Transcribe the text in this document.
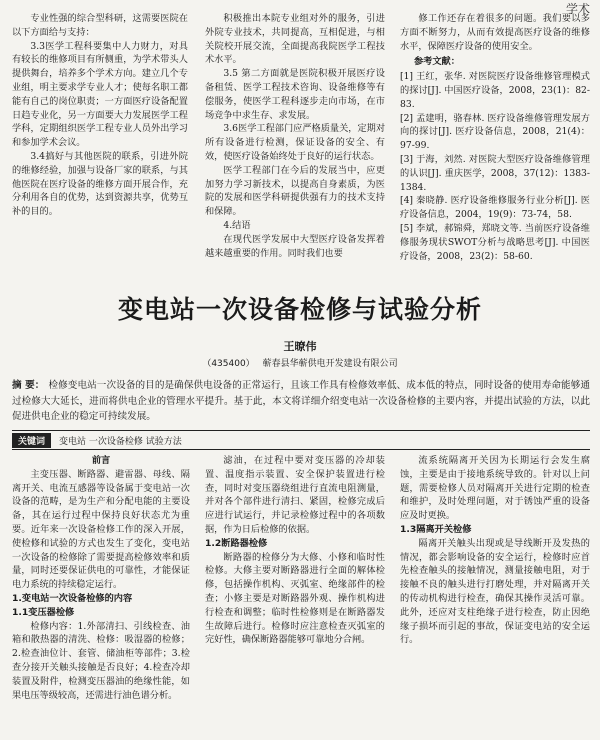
学术

专业性强的综合型科研，这需要医院在以下方面给与支持：

3.3医学工程科要集中人力财力，对具有较长的维修项目有所侧重，为学术带头人提供舞台，培养多个学术方向。建立几个专业组，明主要求学专业人才；使每名职工都能有自己的岗位职责；一方面医疗设备配置日趋专业化，另一方面要大力发展医学工程学科，定期组织医学工程专业人员外出学习和参加学术会议。

3.4搞好与其他医院的联系，引进外院的维修经验，加强与设备厂家的联系，与其他医院在医疗设备的维修方面开展合作，充分利用各自的优势，达到资源共享，优势互补的目的。

积极推出本院专业组对外的服务，引进外院专业技术，共同提高，互相促进，与相关院校开展交流，全面提高我院医学工程技术水平。

3.5 第二方面就是医院积极开展医疗设备租赁、医学工程技术咨询、设备维修等有偿服务，使医学工程科逐步走向市场，在市场竞争中求生存、求发展。

3.6医学工程部门应严格质量关，定期对所有设备进行检测，保证设备的安全、有效，使医疗设备始终处于良好的运行状态。

医学工程部门在今后的发展当中，应更加努力学习新技术，以提高自身素质，为医院的发展和医学科研提供强有力的技术支持和保障。

4.结语

在现代医学发展中大型医疗设备发挥着越来越重要的作用。同时我们也要

修工作还存在着很多的问题。我们要以多方面不断努力，从而有效提高医疗设备的维修水平，保障医疗设备的使用安全。

参考文献：

[1] 王红，张华. 对医院医疗设备维修管理模式的探讨[J]. 中国医疗设备，2008，23(1)：82-83.

[2] 孟建明，骆春林. 医疗设备维修管理发展方向的探讨[J]. 医疗设备信息，2008，21(4)：97-99.

[3] 于海，刘然. 对医院大型医疗设备维修管理的认识[J]. 重庆医学，2008，37(12)：1383-1384.

[4] 秦晓静. 医疗设备维修服务行业分析[J]. 医疗设备信息，2004，19(9)：73-74，58.

[5] 李斌，郝锦舜，郑晓文等. 当前医疗设备维修服务现状SWOT分析与战略思考[J]. 中国医疗设备，2008，23(2)：58-60.

变电站一次设备检修与试验分析
王暸伟
（435400） 蕲春县华蕲供电开发建设有限公司
摘 要： 检修变电站一次设备的目的是确保供电设备的正常运行，且该工作具有检修效率低、成本低的特点，同时设备的使用寿命能够通过检修大大延长，进而将供电企业的管理水平提升。基于此，本文将详细介绍变电站一次设备检修的主要内容，并提出试验的方法，以此促进供电企业的稳定可持续发展。
关键词	变电站 一次设备检修 试验方法

前言

主变压器、断路器、避雷器、母线、隔离开关、电流互感器等设备属于变电站一次设备的范畴，是为生产和分配电能的主要设备，其在运行过程中保持良好状态尤为重要。近年来一次设备检修工作的深入开展，使检修和试验的方式也发生了变化，变电站一次设备的检修除了需要提高检修效率和质量，同时还要保证供电的可靠性，才能保证电力系统的持续稳定运行。

1.变电站一次设备检修的内容

1.1变压器检修

检修内容：1.外部清扫、引线检查、油箱和散热器的清洗、检修：吸湿器的检修；2.检查油位计、套管、储油柜等部件；3.检查分接开关触头接触是否良好；4.检查冷却装置及附件，检测变压器油的绝缘性能，如果电压等级较高，还需进行油色谱分析。

滤油，在过程中要对变压器的冷却装置、温度指示装置、安全保护装置进行检查，同时对变压器绕组进行直流电阻测量，并对各个部件进行清扫、紧固，检修完成后应进行试运行，并记录检修过程中的各项数据，作为日后检修的依据。

1.2断路器检修

断路器的检修分为大修、小修和临时性检修。大修主要对断路器进行全面的解体检修，包括操作机构、灭弧室、绝缘部件的检查；小修主要是对断路器外观、操作机构进行检查和调整；临时性检修则是在断路器发生故障后进行。检修时应注意检查灭弧室的完好性，确保断路器能够可靠地分合闸。

流系统隔离开关因为长期运行会发生腐蚀，主要是由于接地系统导致的。针对以上问题，需要检修人员对隔离开关进行定期的检查和维护，及时处理问题，对于锈蚀严重的设备应及时更换。

1.3隔离开关检修

隔离开关触头出现或是导线断开及发热的情况，都会影响设备的安全运行，检修时应首先检查触头的接触情况，测量接触电阻，对于接触不良的触头进行打磨处理，并对隔离开关的传动机构进行检查，确保其操作灵活可靠。此外，还应对支柱绝缘子进行检查，防止因绝缘子损坏而引起的事故，保证变电站的安全运行。
